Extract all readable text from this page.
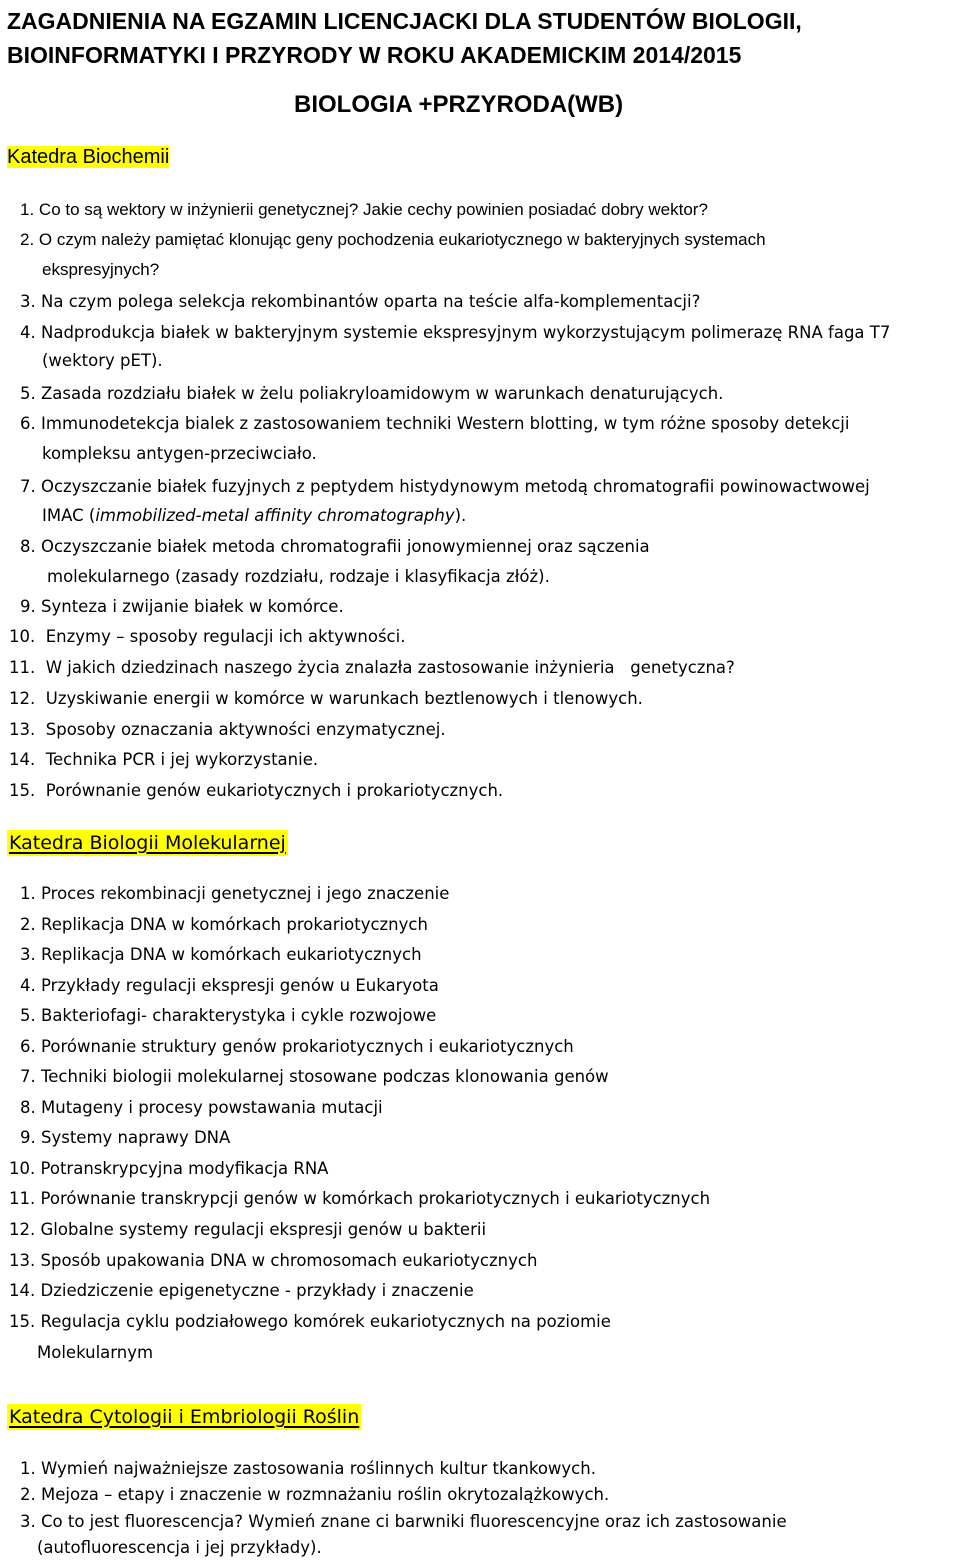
ZAGADNIENIA NA EGZAMIN LICENCJACKI DLA STUDENTÓW BIOLOGII,
BIOINFORMATYKI I PRZYRODY W ROKU AKADEMICKIM 2014/2015
BIOLOGIA +PRZYRODA(WB)
Katedra Biochemii
1. Co to są wektory w inżynierii genetycznej? Jakie cechy powinien posiadać dobry wektor?
2. O czym należy pamiętać klonując geny pochodzenia eukariotycznego w bakteryjnych systemach
ekspresyjnych?
3. Na czym polega selekcja rekombinantów oparta na teście alfa-komplementacji?
4. Nadprodukcja białek w bakteryjnym systemie ekspresyjnym wykorzystującym polimerazę RNA faga T7
(wektory pET).
5. Zasada rozdziału białek w żelu poliakryloamidowym w warunkach denaturujących.
6. Immunodetekcja bialek z zastosowaniem techniki Western blotting, w tym różne sposoby detekcji
kompleksu antygen-przeciwciało.
7. Oczyszczanie białek fuzyjnych z peptydem histydynowym metodą chromatografii powinowactwowej
IMAC (immobilized-metal affinity chromatography).
8. Oczyszczanie białek metoda chromatografii jonowymiennej oraz sączenia
molekularnego (zasady rozdziału, rodzaje i klasyfikacja złóż).
9. Synteza i zwijanie białek w komórce.
10. Enzymy – sposoby regulacji ich aktywności.
11. W jakich dziedzinach naszego życia znalazła zastosowanie inżynieria   genetyczna?
12. Uzyskiwanie energii w komórce w warunkach beztlenowych i tlenowych.
13. Sposoby oznaczania aktywności enzymatycznej.
14. Technika PCR i jej wykorzystanie.
15. Porównanie genów eukariotycznych i prokariotycznych.
Katedra Biologii Molekularnej
1. Proces rekombinacji genetycznej i jego znaczenie
2. Replikacja DNA w komórkach prokariotycznych
3. Replikacja DNA w komórkach eukariotycznych
4. Przykłady regulacji ekspresji genów u Eukaryota
5. Bakteriofagi- charakterystyka i cykle rozwojowe
6. Porównanie struktury genów prokariotycznych i eukariotycznych
7. Techniki biologii molekularnej stosowane podczas klonowania genów
8. Mutageny i procesy powstawania mutacji
9. Systemy naprawy DNA
10. Potranskrypcyjna modyfikacja RNA
11. Porównanie transkrypcji genów w komórkach prokariotycznych i eukariotycznych
12. Globalne systemy regulacji ekspresji genów u bakterii
13. Sposób upakowania DNA w chromosomach eukariotycznych
14. Dziedziczenie epigenetyczne - przykłady i znaczenie
15. Regulacja cyklu podziałowego komórek eukariotycznych na poziomie
Molekularnym
Katedra Cytologii i Embriologii Roślin
1. Wymień najważniejsze zastosowania roślinnych kultur tkankowych.
2. Mejoza – etapy i znaczenie w rozmnażaniu roślin okrytozalążkowych.
3. Co to jest fluorescencja? Wymień znane ci barwniki fluorescencyjne oraz ich zastosowanie
(autofluorescencja i jej przykłady).
